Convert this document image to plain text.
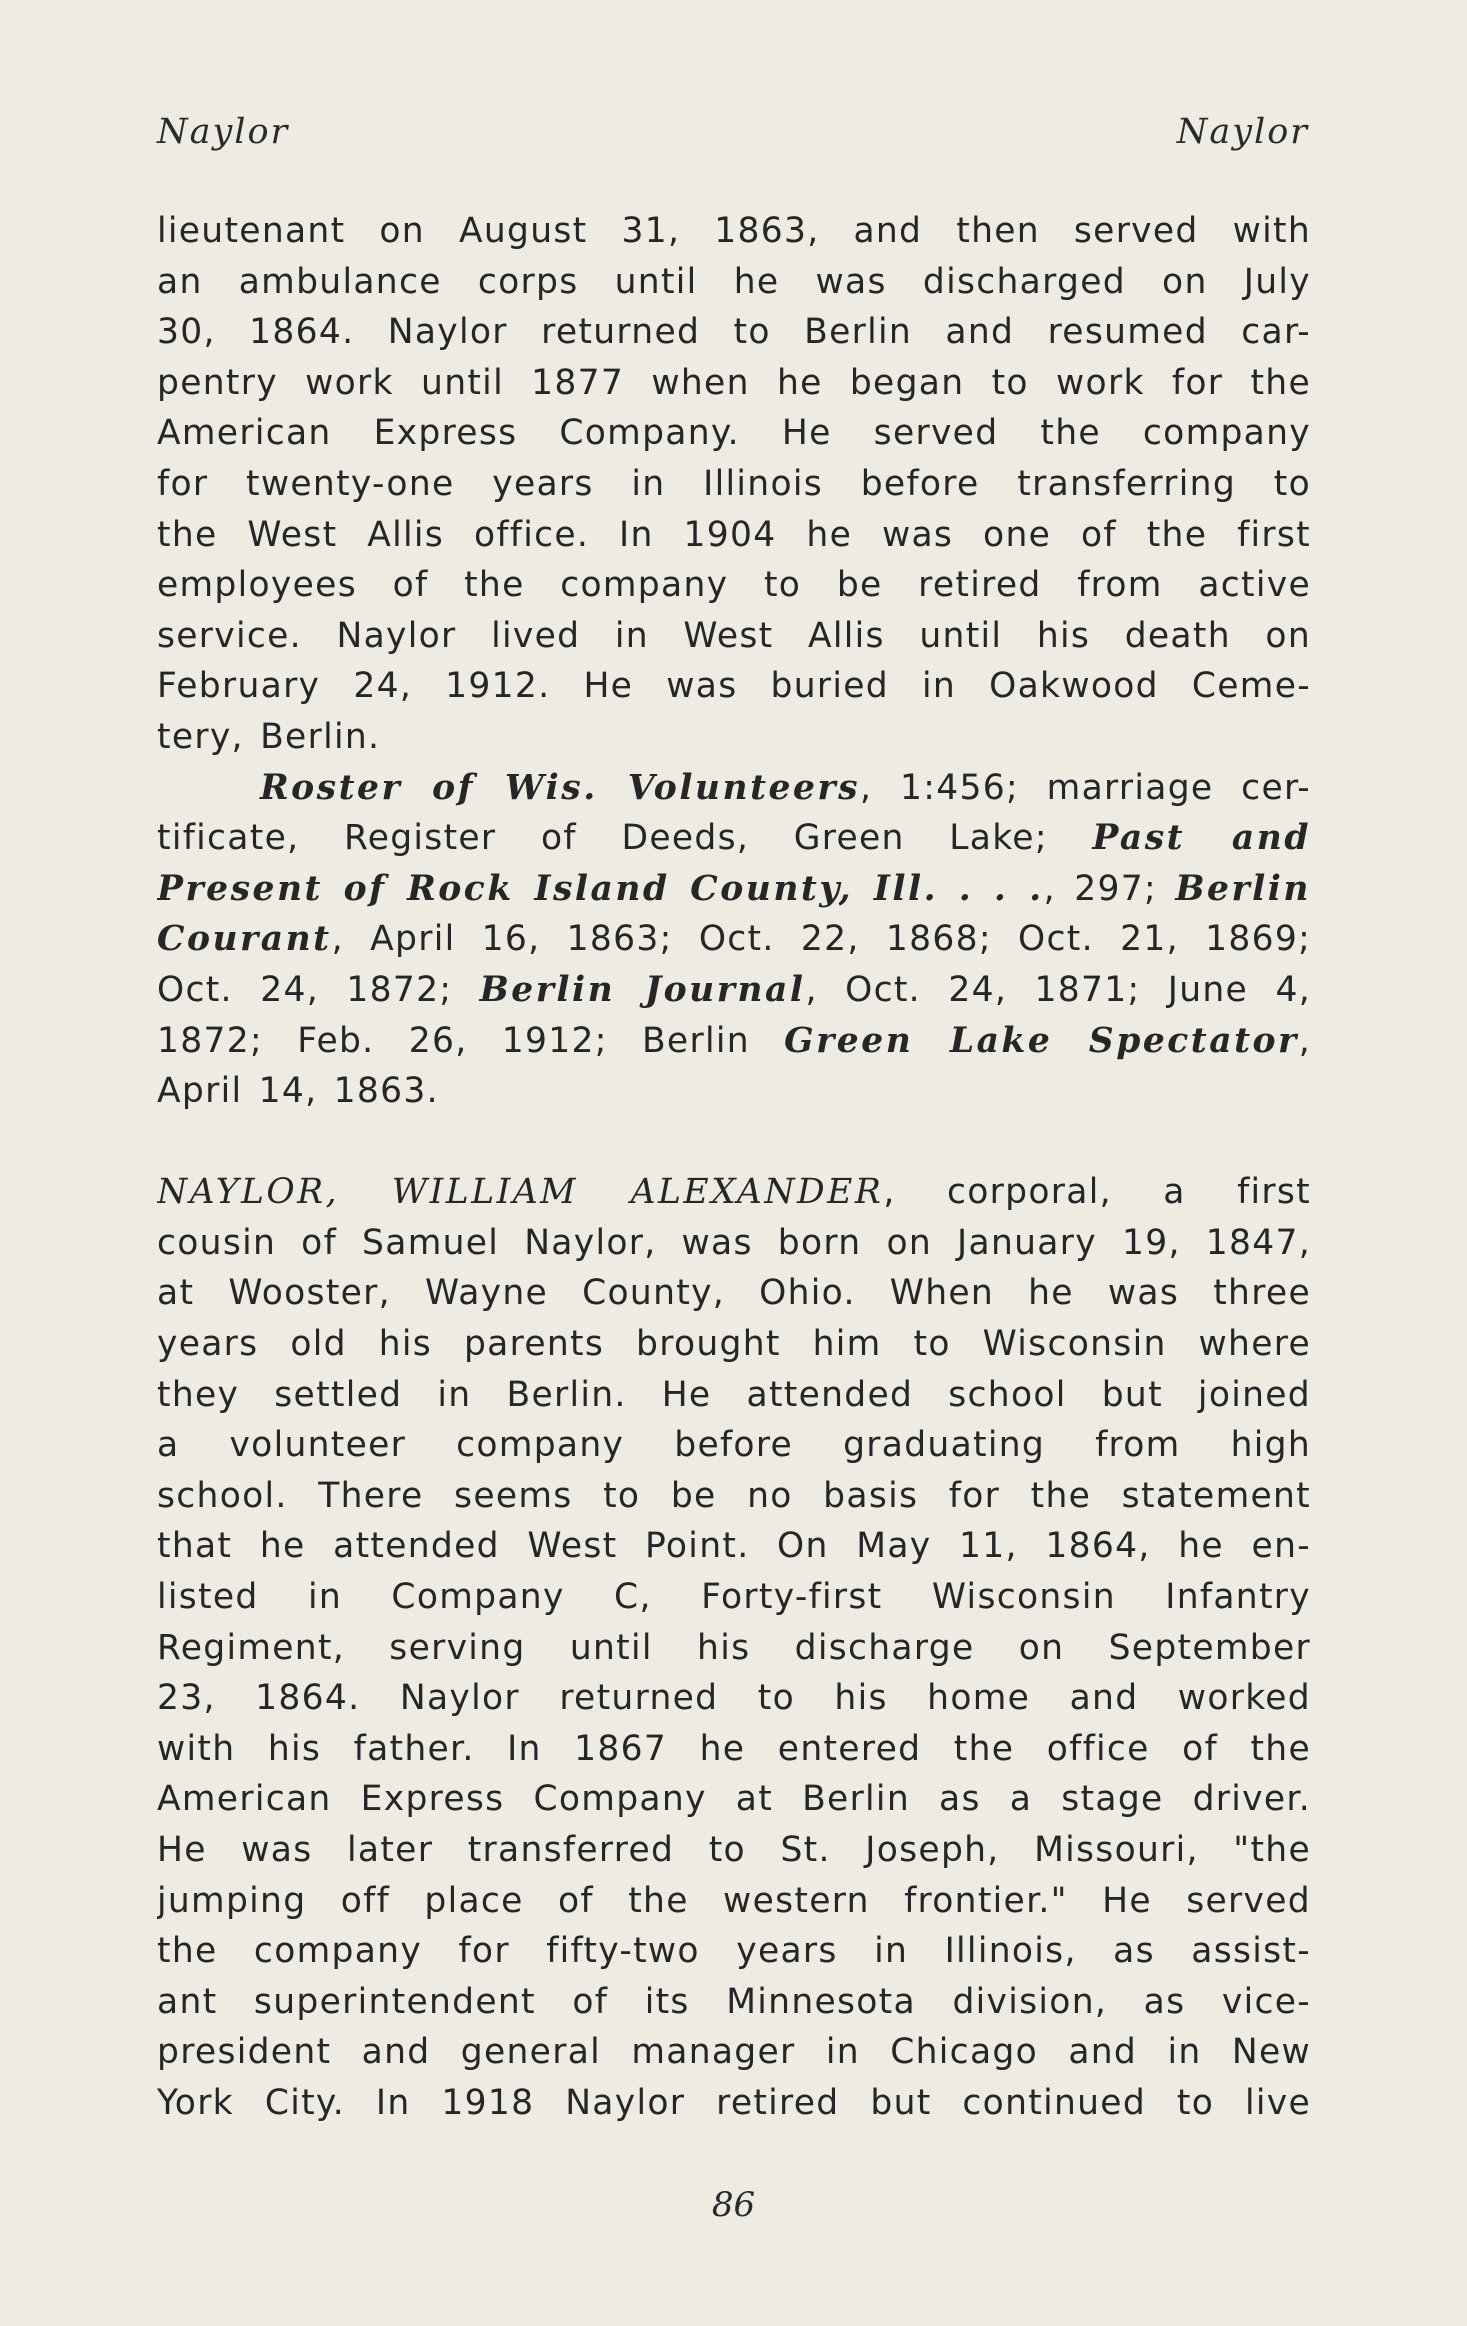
Naylor	Naylor
lieutenant on August 31, 1863, and then served with
an ambulance corps until he was discharged on July
30, 1864. Naylor returned to Berlin and resumed car-
pentry work until 1877 when he began to work for the
American Express Company. He served the company
for twenty-one years in Illinois before transferring to
the West Allis office. In 1904 he was one of the first
employees of the company to be retired from active
service. Naylor lived in West Allis until his death on
February 24, 1912. He was buried in Oakwood Ceme-
tery, Berlin.
Roster of Wis. Volunteers, 1:456; marriage cer-
tificate, Register of Deeds, Green Lake; Past and
Present of Rock Island County, Ill. . . ., 297; Berlin
Courant, April 16, 1863; Oct. 22, 1868; Oct. 21, 1869;
Oct. 24, 1872; Berlin Journal, Oct. 24, 1871; June 4,
1872; Feb. 26, 1912; Berlin Green Lake Spectator,
April 14, 1863.
NAYLOR, WILLIAM ALEXANDER, corporal, a first
cousin of Samuel Naylor, was born on January 19, 1847,
at Wooster, Wayne County, Ohio. When he was three
years old his parents brought him to Wisconsin where
they settled in Berlin. He attended school but joined
a volunteer company before graduating from high
school. There seems to be no basis for the statement
that he attended West Point. On May 11, 1864, he en-
listed in Company C, Forty-first Wisconsin Infantry
Regiment, serving until his discharge on September
23, 1864. Naylor returned to his home and worked
with his father. In 1867 he entered the office of the
American Express Company at Berlin as a stage driver.
He was later transferred to St. Joseph, Missouri, "the
jumping off place of the western frontier." He served
the company for fifty-two years in Illinois, as assist-
ant superintendent of its Minnesota division, as vice-
president and general manager in Chicago and in New
York City. In 1918 Naylor retired but continued to live
86
